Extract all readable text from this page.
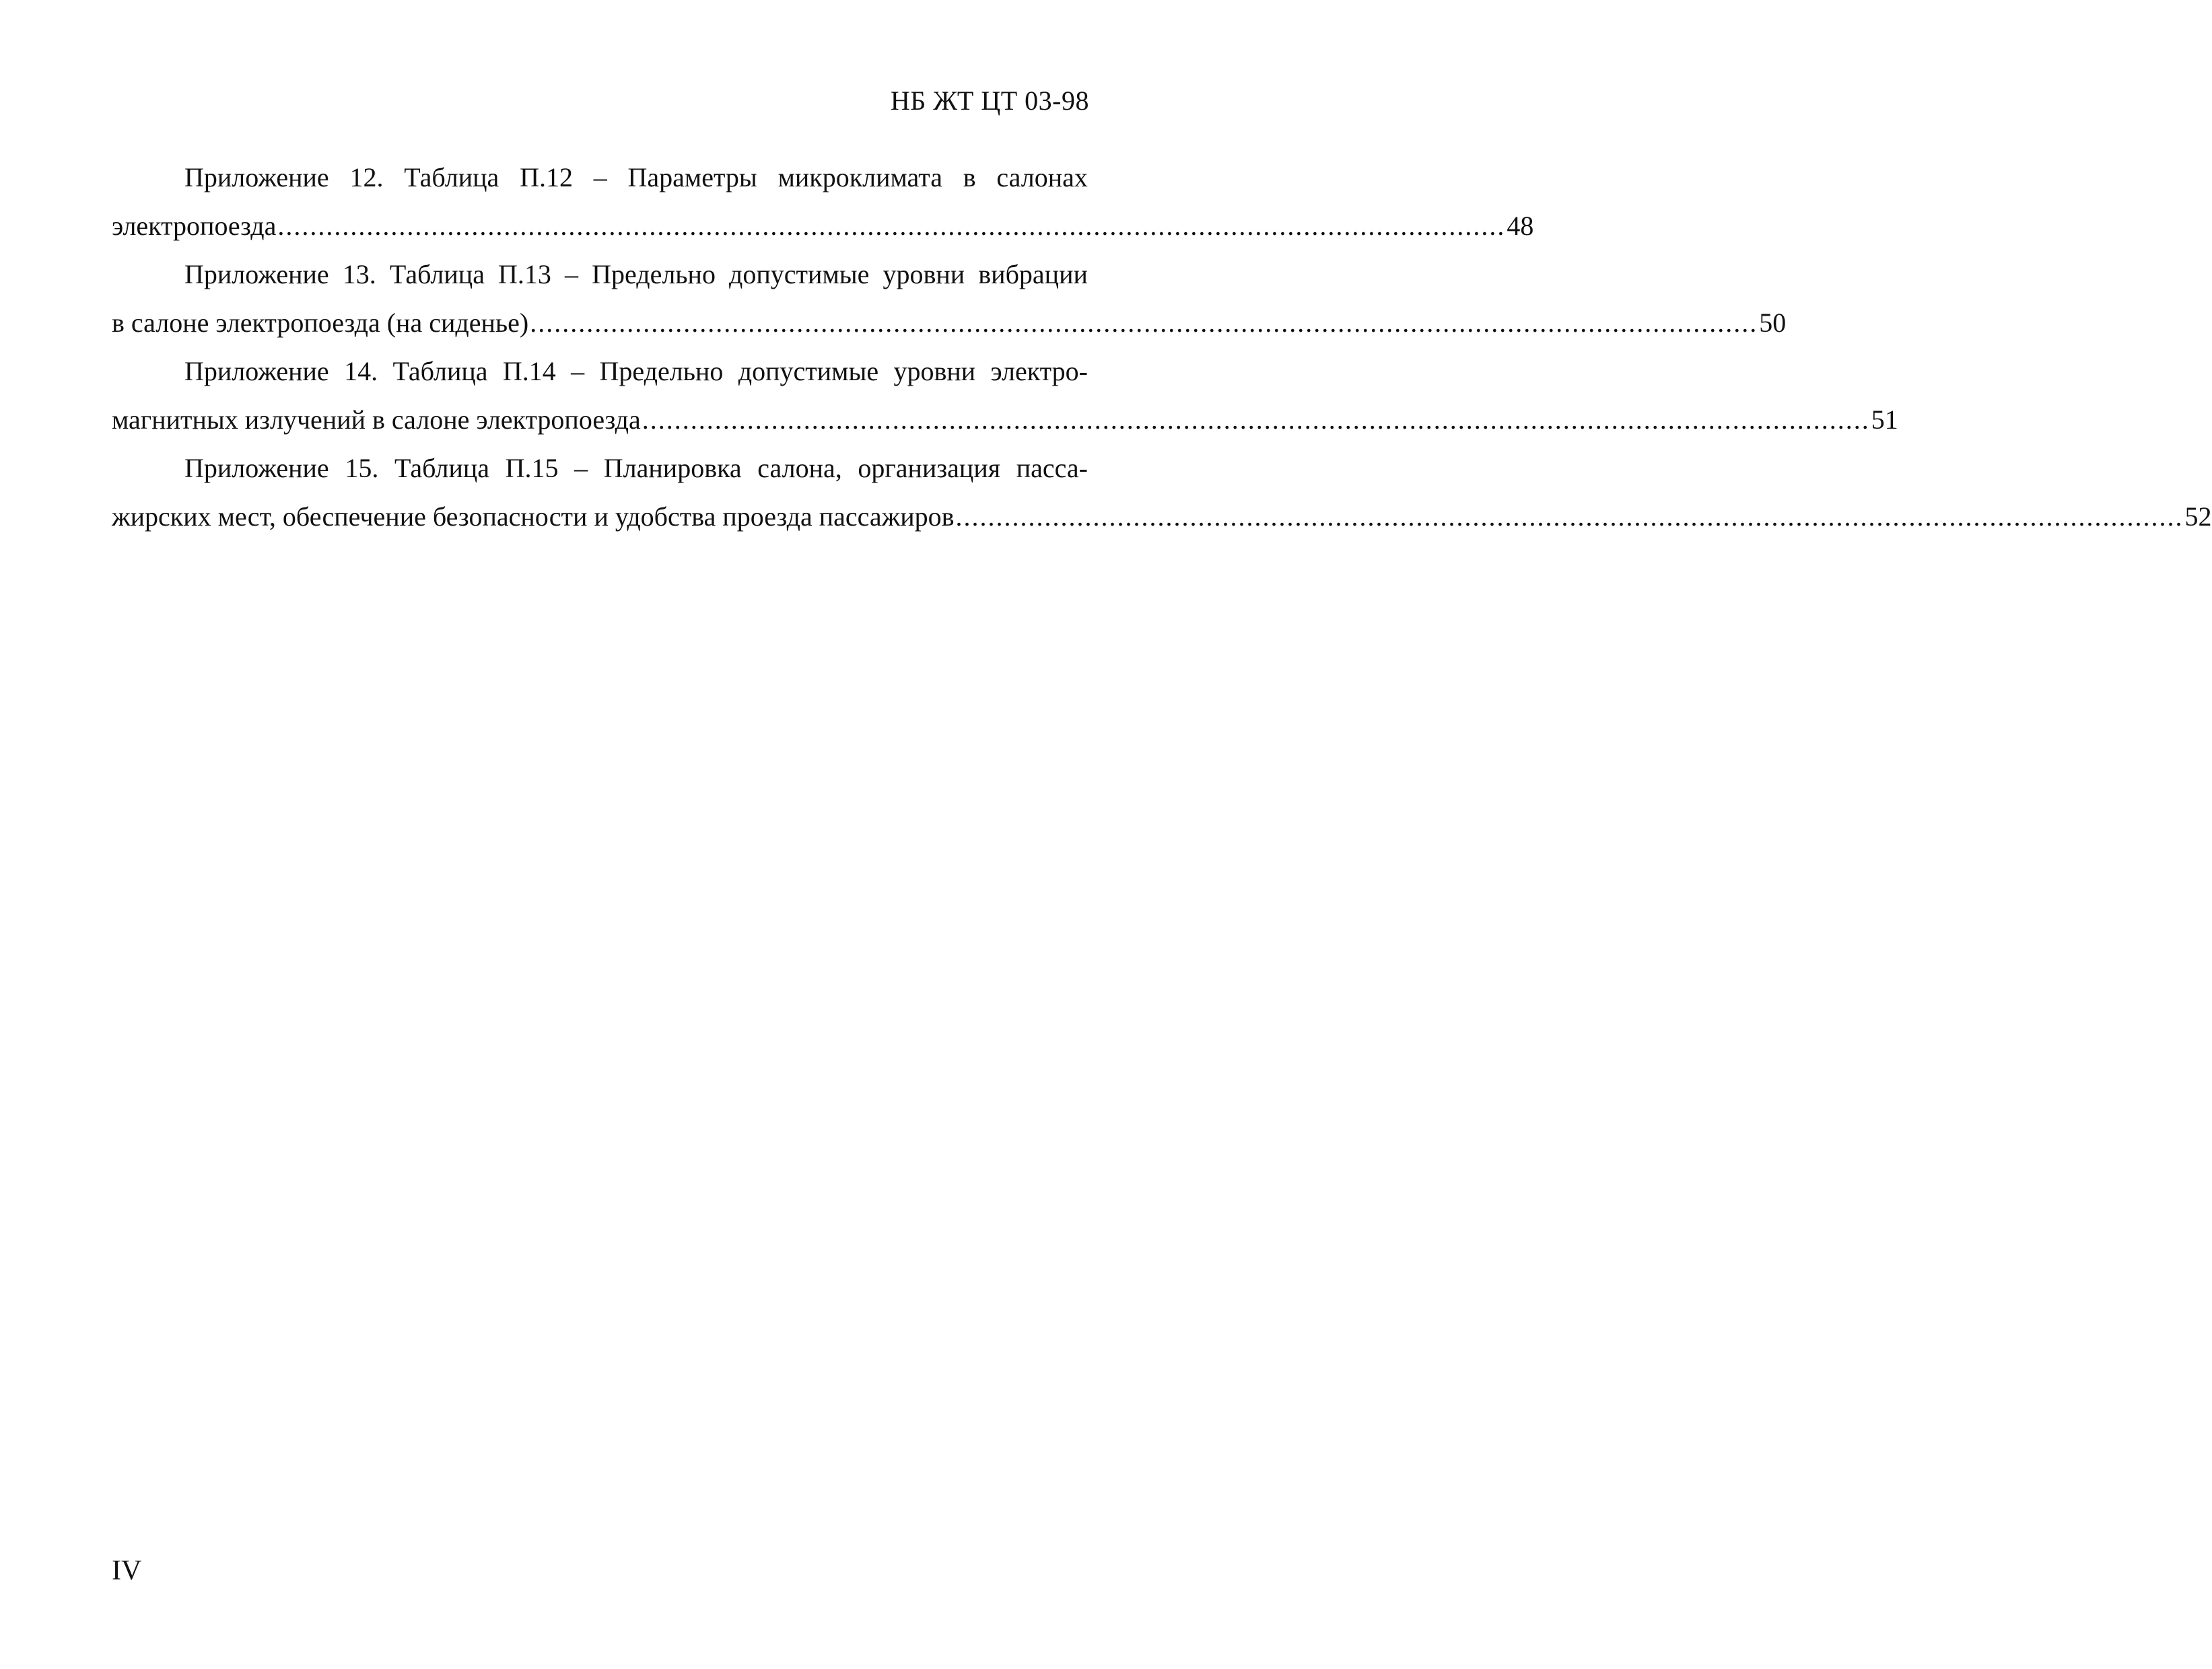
НБ ЖТ ЦТ 03-98
Приложение 12. Таблица П.12 – Параметры микроклимата в салонах
электропоезда ........................................................................................................................................................ 48
Приложение 13. Таблица П.13 – Предельно допустимые уровни вибрации
в салоне электропоезда (на сиденье) ........................................................................................................................................................ 50
Приложение 14. Таблица П.14 – Предельно допустимые уровни электро-
магнитных излучений в салоне электропоезда ........................................................................................................................................................ 51
Приложение 15. Таблица П.15 – Планировка салона, организация пасса-
жирских мест, обеспечение безопасности и удобства проезда пассажиров ........................................................................................................................................................ 52
IV
